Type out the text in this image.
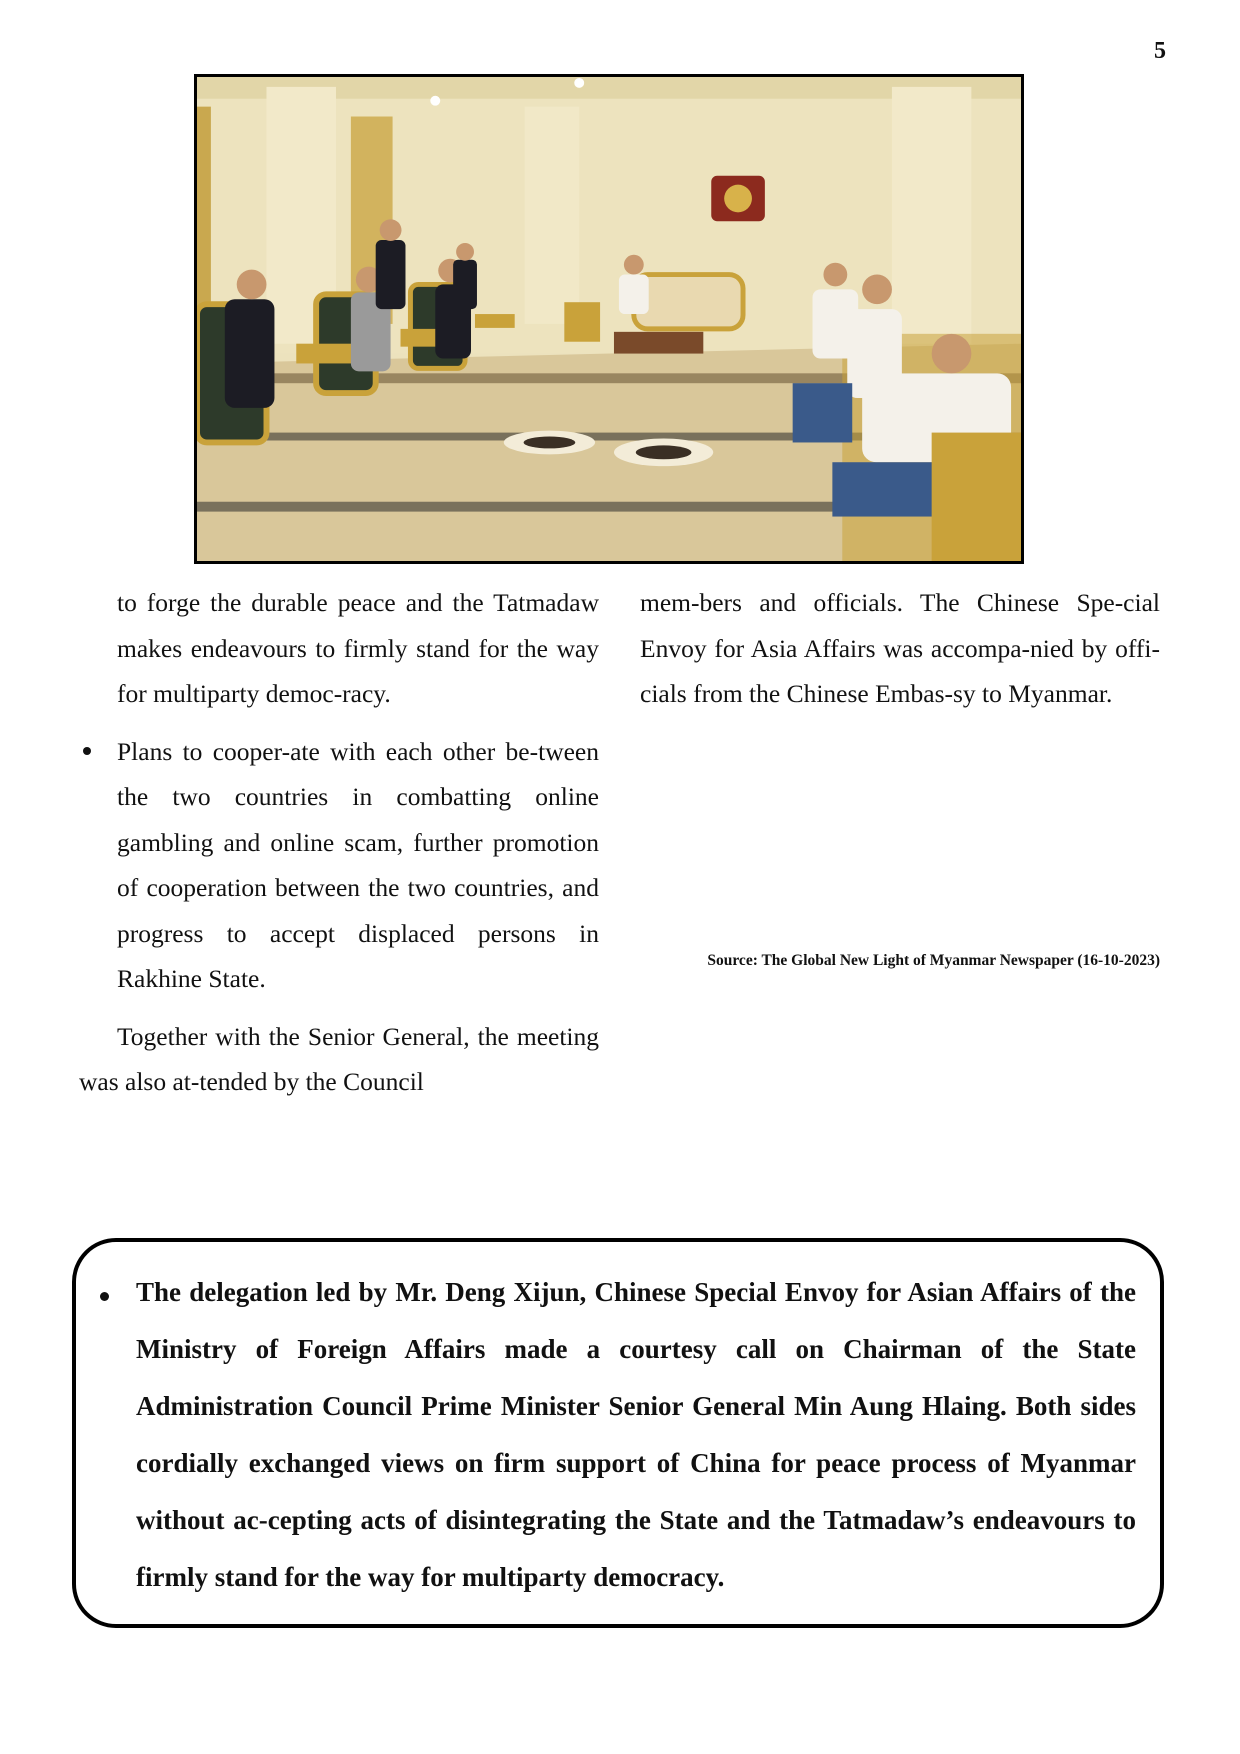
5

to forge the durable peace and the Tatmadaw makes endeavours to firmly stand for the way for multiparty democ-racy.

Plans to cooper-ate with each other be-tween the two countries in combatting online gambling and online scam, further promotion of cooperation between the two countries, and progress to accept displaced persons in Rakhine State.

Together with the Senior General, the meeting was also at-tended by the Council

mem-bers and officials. The Chinese Spe-cial Envoy for Asia Affairs was accompa-nied by offi-cials from the Chinese Embas-sy to Myanmar.

Source: The Global New Light of Myanmar Newspaper (16-10-2023)
The delegation led by Mr. Deng Xijun, Chinese Special Envoy for Asian Affairs of the Ministry of Foreign Affairs made a courtesy call on Chairman of the State Administration Council Prime Minister Senior General Min Aung Hlaing. Both sides cordially exchanged views on firm support of China for peace process of Myanmar without ac-cepting acts of disintegrating the State and the Tatmadaw’s endeavours to firmly stand for the way for multiparty democracy.
